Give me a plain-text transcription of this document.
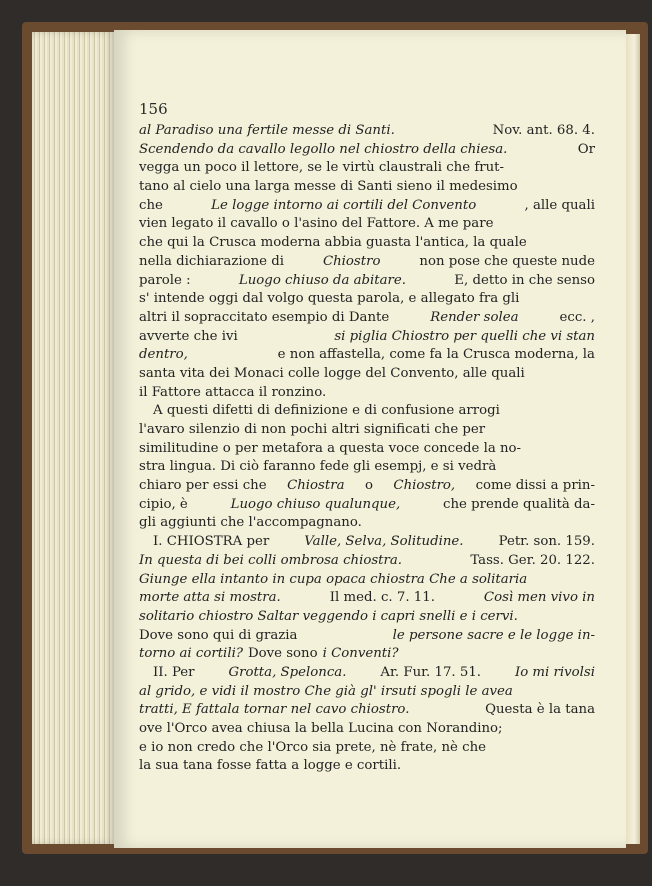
156
al Paradiso una fertile messe di Santi.	Nov. ant. 68. 4.
Scendendo da cavallo legollo nel chiostro della chiesa.	Or
vegga un poco il lettore, se le virtù claustrali che frut-
tano al cielo una larga messe di Santi sieno il medesimo
che	Le logge intorno ai cortili del Convento	, alle quali
vien legato il cavallo o l'asino del Fattore. A me pare
che qui la Crusca moderna abbia guasta l'antica, la quale
nella dichiarazione di	Chiostro	non pose che queste nude
parole :	Luogo chiuso da abitare.	E, detto in che senso
s' intende oggi dal volgo questa parola, e allegato fra gli
altri il sopraccitato esempio di Dante	Render solea	ecc. ,
avverte che ivi	si piglia Chiostro per quelli che vi stan
dentro,	e non affastella, come fa la Crusca moderna, la
santa vita dei Monaci colle logge del Convento, alle quali
il Fattore attacca il ronzino.
A questi difetti di definizione e di confusione arrogi
l'avaro silenzio di non pochi altri significati che per
similitudine o per metafora a questa voce concede la no-
stra lingua. Di ciò faranno fede gli esempj, e si vedrà
chiaro per essi che Chiostra o Chiostro, come dissi a prin-
cipio, è	Luogo chiuso qualunque,	che prende qualità da-
gli aggiunti che l'accompagnano.
I. CHIOSTRA per	Valle, Selva, Solitudine.	Petr. son. 159.
In questa di bei colli ombrosa chiostra.	Tass. Ger. 20. 122.
Giunge ella intanto in cupa opaca chiostra Che a solitaria
morte atta si mostra.	Il med. c. 7. 11.	Così men vivo in
solitario chiostro Saltar veggendo i capri snelli e i cervi.
Dove sono qui di grazia	le persone sacre e le logge in-
torno ai cortili? Dove sono i Conventi?
II. Per	Grotta, Spelonca.	Ar. Fur. 17. 51.	Io mi rivolsi
al grido, e vidi il mostro Che già gl' irsuti spogli le avea
tratti, E fattala tornar nel cavo chiostro.	Questa è la tana
ove l'Orco avea chiusa la bella Lucina con Norandino;
e io non credo che l'Orco sia prete, nè frate, nè che
la sua tana fosse fatta a logge e cortili.
